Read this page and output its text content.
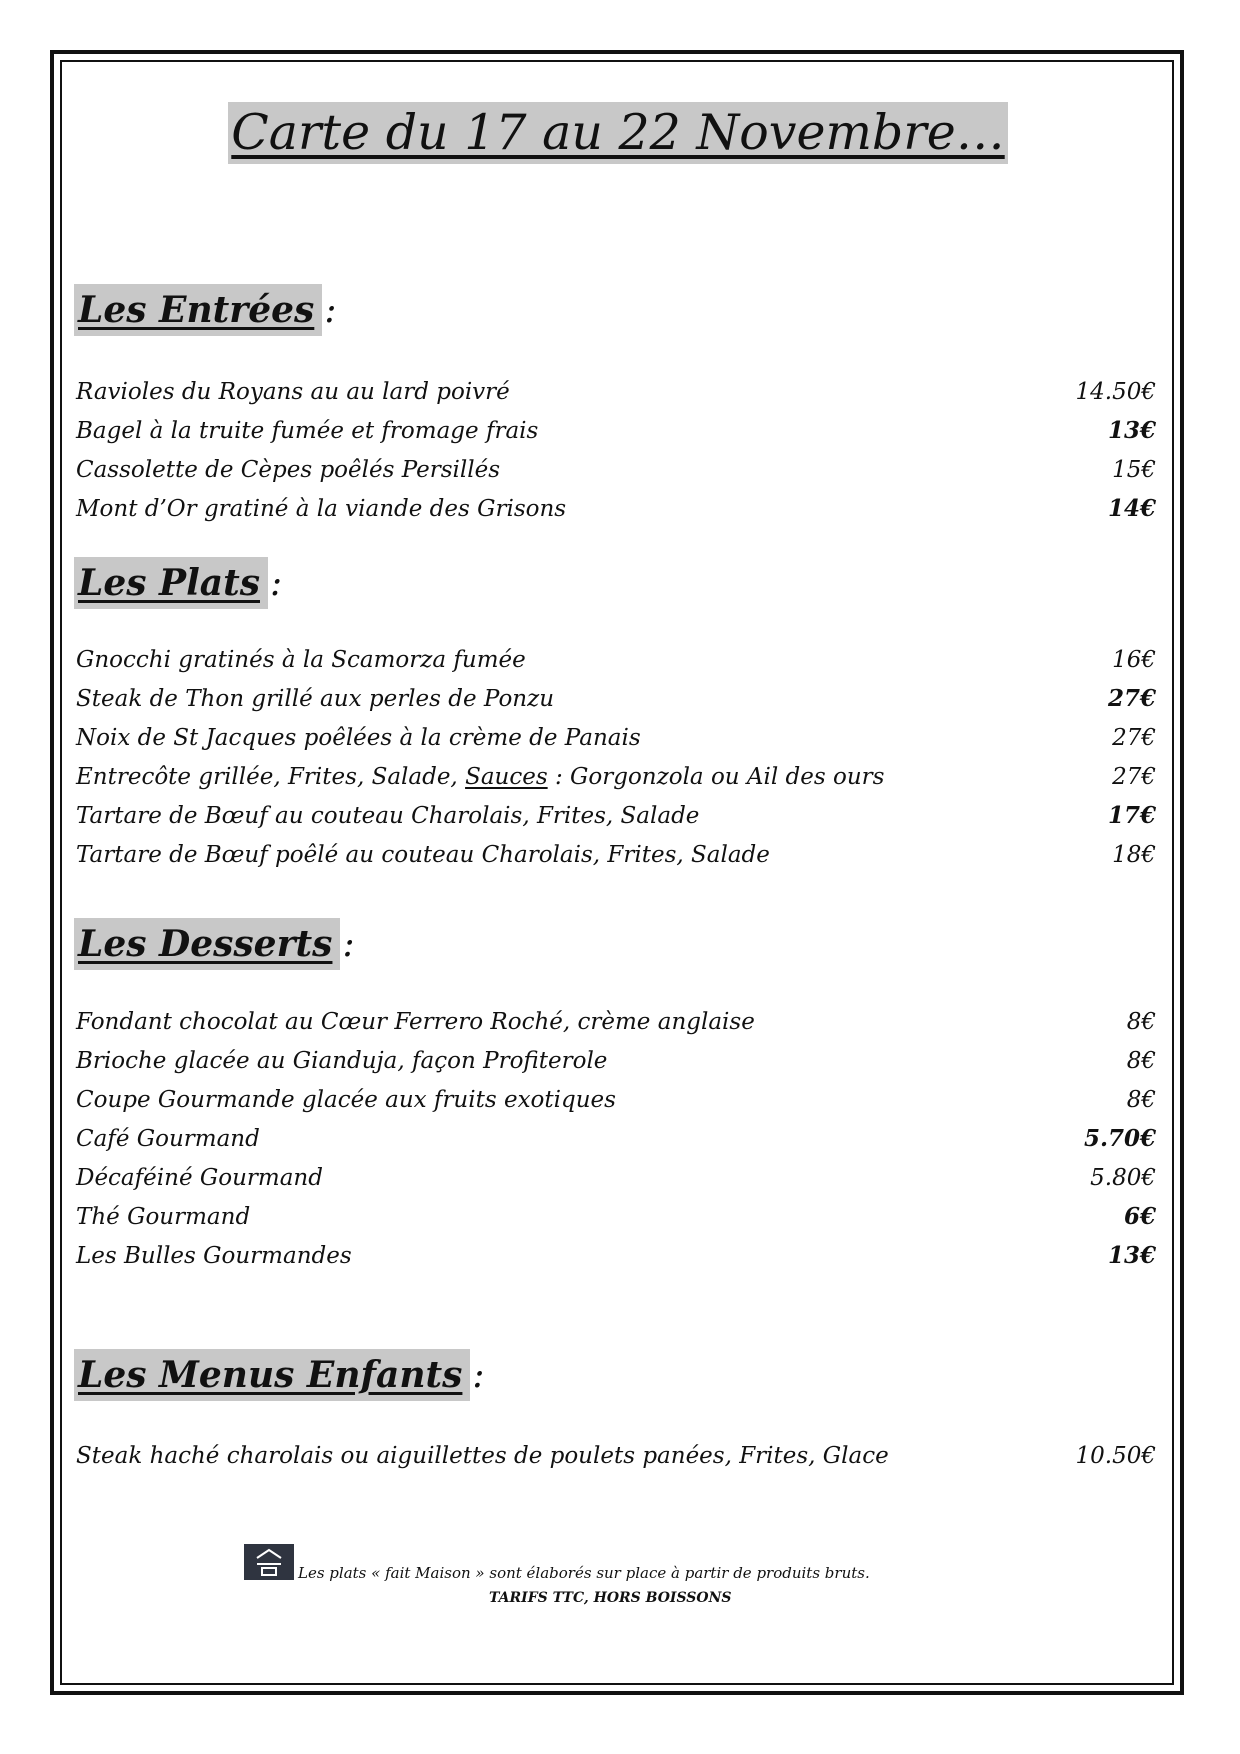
Carte du 17 au 22 Novembre…
Les Entrées :
Ravioles du Royans au au lard poivré	14.50€
Bagel à la truite fumée et fromage frais	13€
Cassolette de Cèpes poêlés Persillés	15€
Mont d’Or gratiné à la viande des Grisons	14€
Les Plats :
Gnocchi gratinés à la Scamorza fumée	16€
Steak de Thon grillé aux perles de Ponzu	27€
Noix de St Jacques poêlées à la crème de Panais	27€
Entrecôte grillée, Frites, Salade, Sauces : Gorgonzola ou Ail des ours	27€
Tartare de Bœuf au couteau Charolais, Frites, Salade	17€
Tartare de Bœuf poêlé au couteau Charolais, Frites, Salade	18€
Les Desserts :
Fondant chocolat au Cœur Ferrero Roché, crème anglaise	8€
Brioche glacée au Gianduja, façon Profiterole	8€
Coupe Gourmande glacée aux fruits exotiques	8€
Café Gourmand	5.70€
Décaféiné Gourmand	5.80€
Thé Gourmand	6€
Les Bulles Gourmandes	13€
Les Menus Enfants :
Steak haché charolais ou aiguillettes de poulets panées, Frites, Glace	10.50€
Les plats « fait Maison » sont élaborés sur place à partir de produits bruts.
TARIFS TTC, HORS BOISSONS
